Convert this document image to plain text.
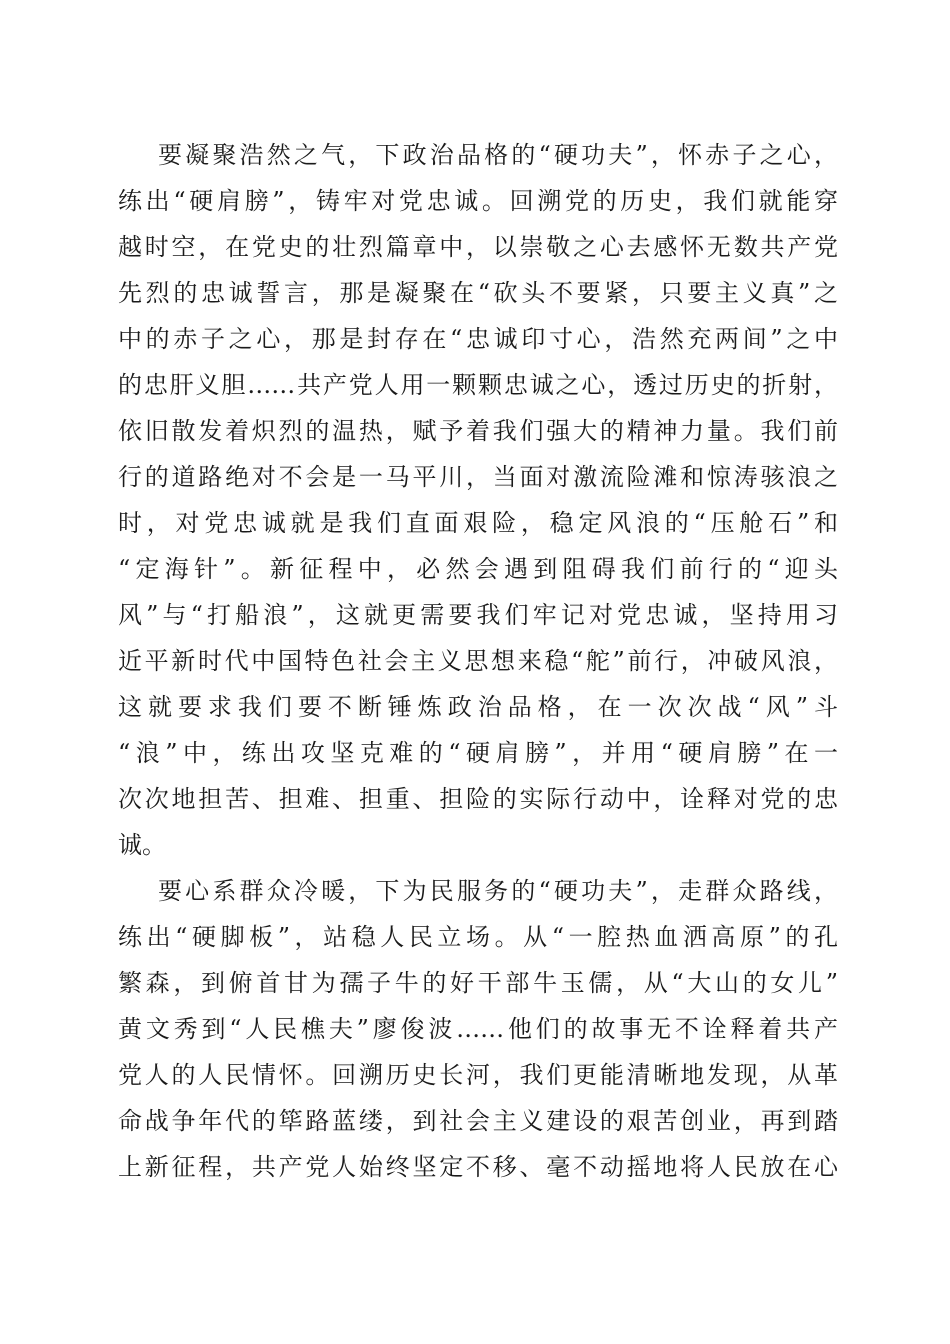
要凝聚浩然之气，下政治品格的“硬功夫”，怀赤子之心，
练出“硬肩膀”，铸牢对党忠诚。回溯党的历史，我们就能穿
越时空，在党史的壮烈篇章中，以崇敬之心去感怀无数共产党
先烈的忠诚誓言，那是凝聚在“砍头不要紧，只要主义真”之
中的赤子之心，那是封存在“忠诚印寸心，浩然充两间”之中
的忠肝义胆……共产党人用一颗颗忠诚之心，透过历史的折射，
依旧散发着炽烈的温热，赋予着我们强大的精神力量。我们前
行的道路绝对不会是一马平川，当面对激流险滩和惊涛骇浪之
时，对党忠诚就是我们直面艰险，稳定风浪的“压舱石”和
“定海针”。新征程中，必然会遇到阻碍我们前行的“迎头
风”与“打船浪”，这就更需要我们牢记对党忠诚，坚持用习
近平新时代中国特色社会主义思想来稳“舵”前行，冲破风浪，
这就要求我们要不断锤炼政治品格，在一次次战“风”斗
“浪”中，练出攻坚克难的“硬肩膀”，并用“硬肩膀”在一
次次地担苦、担难、担重、担险的实际行动中，诠释对党的忠
诚。
要心系群众冷暖，下为民服务的“硬功夫”，走群众路线，
练出“硬脚板”，站稳人民立场。从“一腔热血洒高原”的孔
繁森，到俯首甘为孺子牛的好干部牛玉儒，从“大山的女儿”
黄文秀到“人民樵夫”廖俊波……他们的故事无不诠释着共产
党人的人民情怀。回溯历史长河，我们更能清晰地发现，从革
命战争年代的筚路蓝缕，到社会主义建设的艰苦创业，再到踏
上新征程，共产党人始终坚定不移、毫不动摇地将人民放在心
